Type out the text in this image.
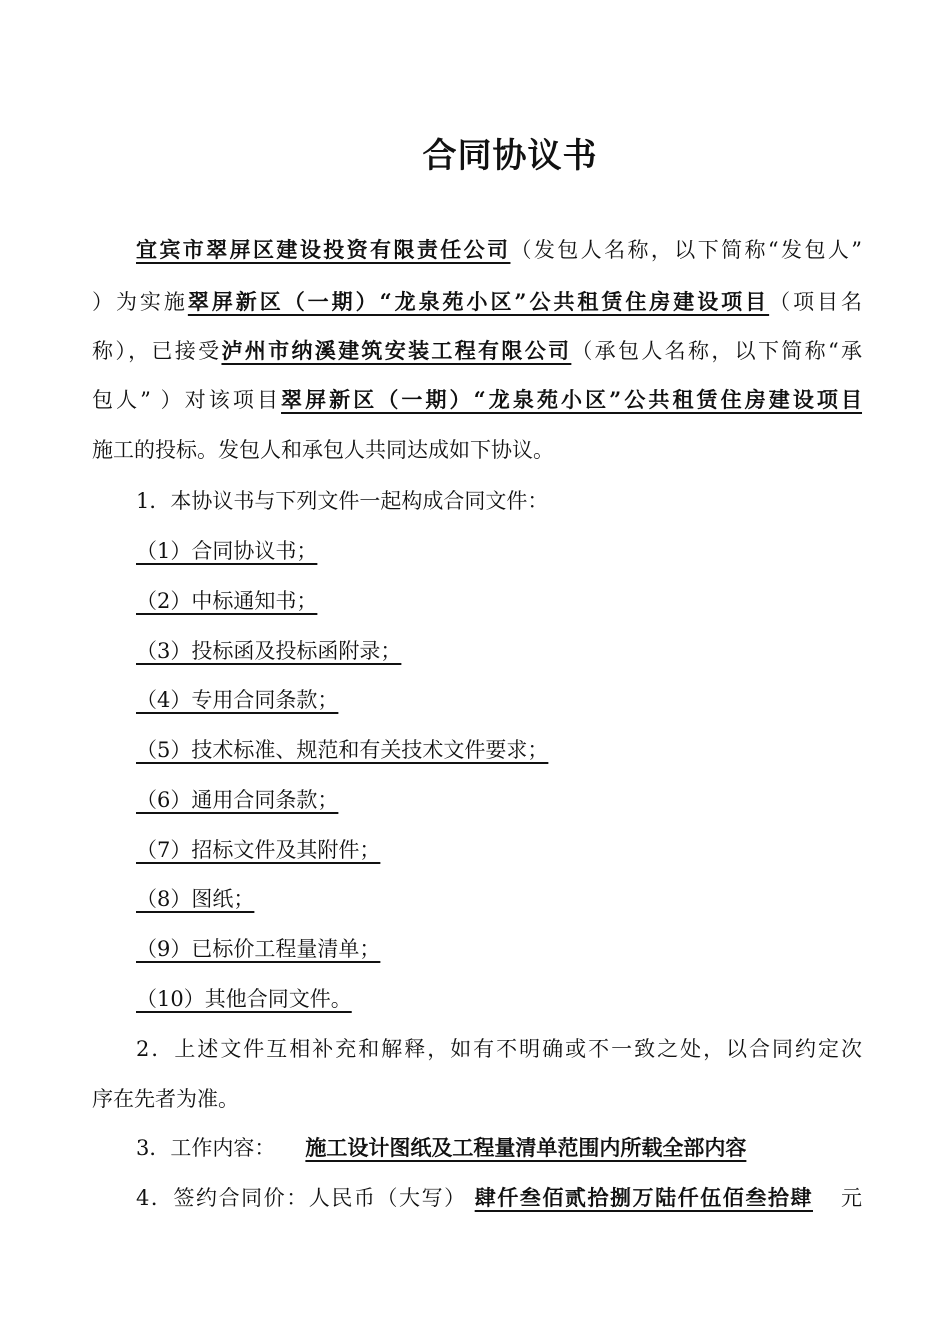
合同协议书
宜宾市翠屏区建设投资有限责任公司（发包人名称，以下简称“发包人”
）为实施翠屏新区（一期）“龙泉苑小区”公共租赁住房建设项目（项目名
称），已接受泸州市纳溪建筑安装工程有限公司（承包人名称，以下简称“承
包人” ）对该项目翠屏新区（一期）“龙泉苑小区”公共租赁住房建设项目
施工的投标。发包人和承包人共同达成如下协议。
1．本协议书与下列文件一起构成合同文件：
（1）合同协议书；
（2）中标通知书；
（3）投标函及投标函附录；
（4）专用合同条款；
（5）技术标准、规范和有关技术文件要求；
（6）通用合同条款；
（7）招标文件及其附件；
（8）图纸；
（9）已标价工程量清单；
（10）其他合同文件。
2．上述文件互相补充和解释，如有不明确或不一致之处，以合同约定次
序在先者为准。
3．工作内容： 施工设计图纸及工程量清单范围内所载全部内容
4．签约合同价：人民币（大写） 肆仟叁佰贰拾捌万陆仟伍佰叁拾肆 元
